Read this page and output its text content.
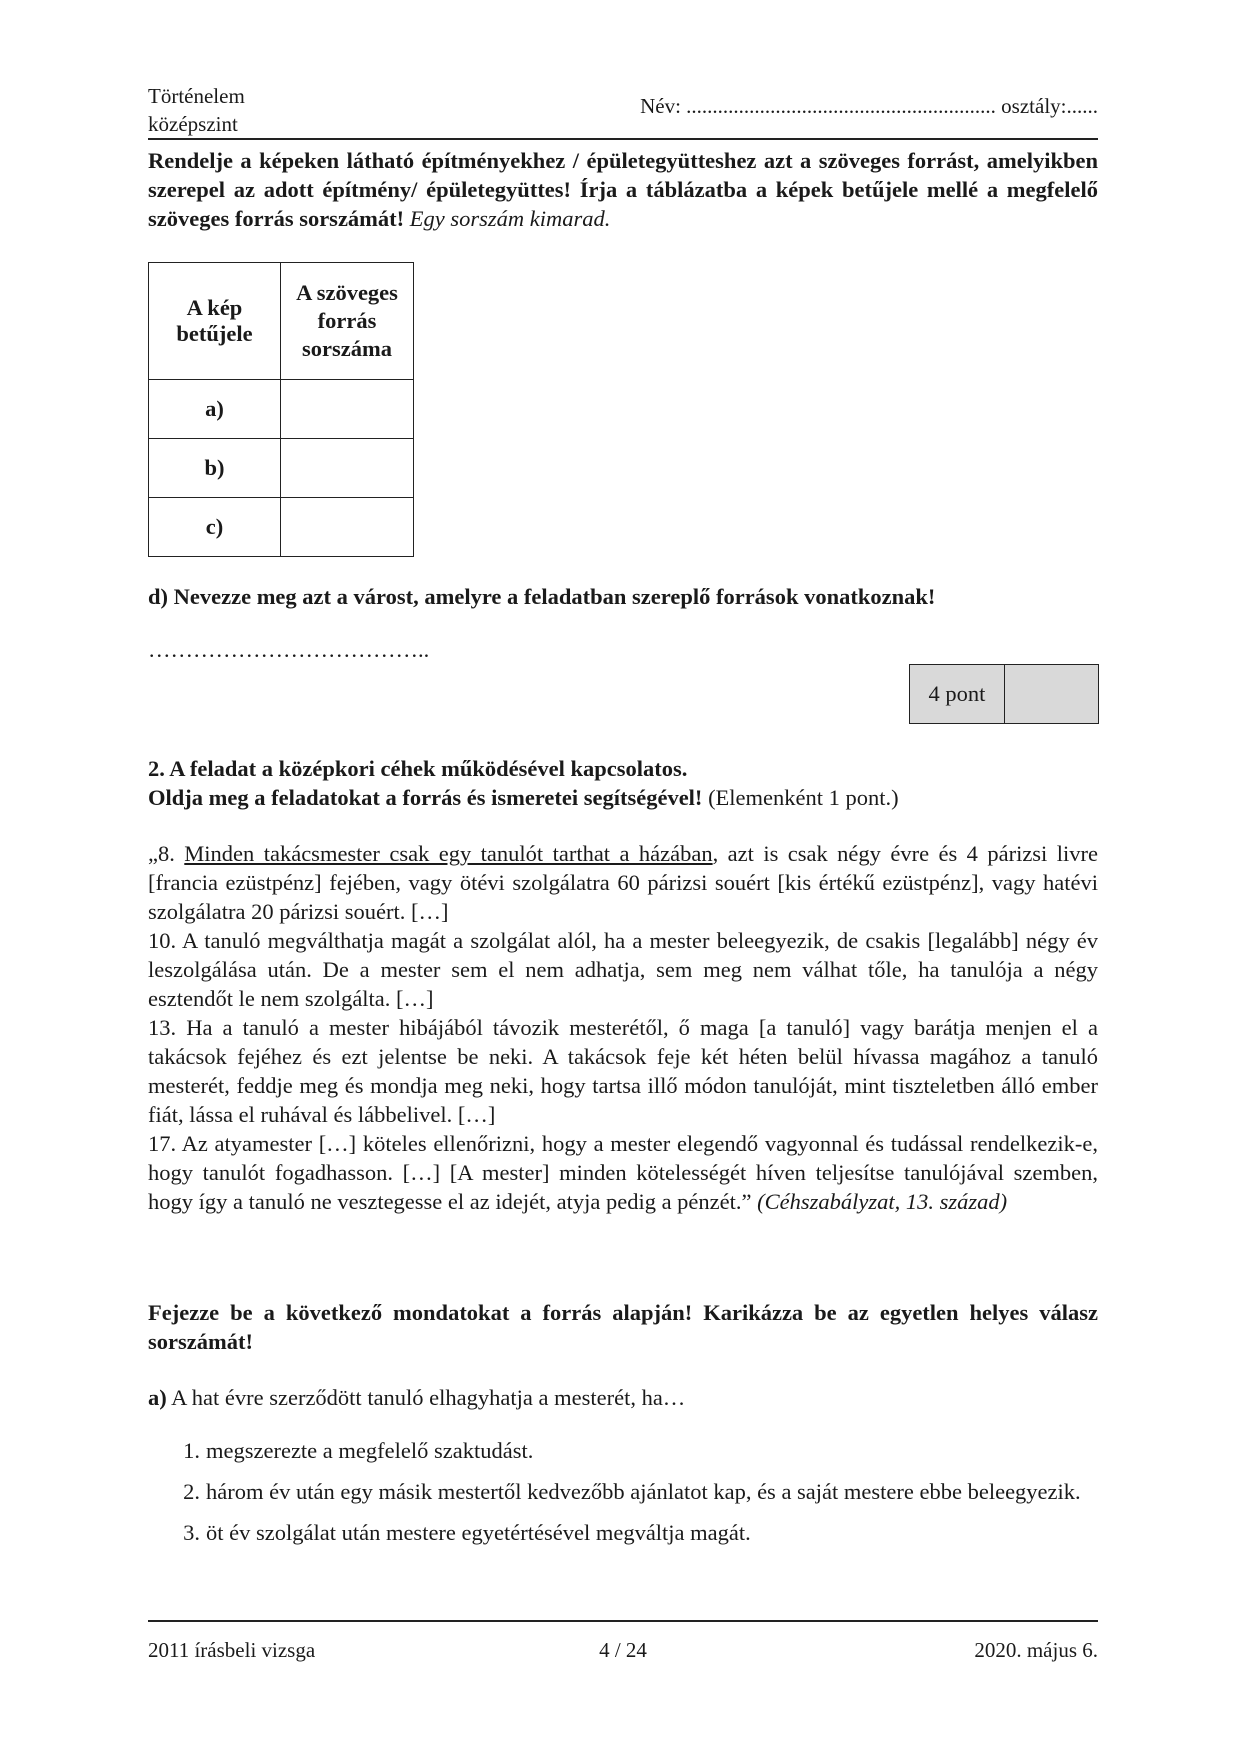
Történelem
középszint
Név: ........................................................... osztály:......

Rendelje a képeken látható építményekhez / épületegyütteshez azt a szöveges forrást, amelyikben szerepel az adott építmény/ épületegyüttes! Írja a táblázatba a képek betűjele mellé a megfelelő szöveges forrás sorszámát! Egy sorszám kimarad.

A kép betűjele	A szöveges forrás sorszáma
a)	
b)	
c)	

d) Nevezze meg azt a várost, amelyre a feladatban szereplő források vonatkoznak!

………………………………..
4 pont

2. A feladat a középkori céhek működésével kapcsolatos.

Oldja meg a feladatokat a forrás és ismeretei segítségével! (Elemenként 1 pont.)

„8. Minden takácsmester csak egy tanulót tarthat a házában, azt is csak négy évre és 4 párizsi livre [francia ezüstpénz] fejében, vagy ötévi szolgálatra 60 párizsi souért [kis értékű ezüstpénz], vagy hatévi szolgálatra 20 párizsi souért. […]

10. A tanuló megválthatja magát a szolgálat alól, ha a mester beleegyezik, de csakis [legalább] négy év leszolgálása után. De a mester sem el nem adhatja, sem meg nem válhat tőle, ha tanulója a négy esztendőt le nem szolgálta. […]

13. Ha a tanuló a mester hibájából távozik mesterétől, ő maga [a tanuló] vagy barátja menjen el a takácsok fejéhez és ezt jelentse be neki. A takácsok feje két héten belül hívassa magához a tanuló mesterét, feddje meg és mondja meg neki, hogy tartsa illő módon tanulóját, mint tiszteletben álló ember fiát, lássa el ruhával és lábbelivel. […]

17. Az atyamester […] köteles ellenőrizni, hogy a mester elegendő vagyonnal és tudással rendelkezik-e, hogy tanulót fogadhasson. […] [A mester] minden kötelességét híven teljesítse tanulójával szemben, hogy így a tanuló ne vesztegesse el az idejét, atyja pedig a pénzét.” (Céhszabályzat, 13. század)

Fejezze be a következő mondatokat a forrás alapján! Karikázza be az egyetlen helyes válasz sorszámát!

a) A hat évre szerződött tanuló elhagyhatja a mesterét, ha…

1. megszerezte a megfelelő szaktudást.
2. három év után egy másik mestertől kedvezőbb ajánlatot kap, és a saját mestere ebbe beleegyezik.
3. öt év szolgálat után mestere egyetértésével megváltja magát.
2011 írásbeli vizsga	4 / 24	2020. május 6.
